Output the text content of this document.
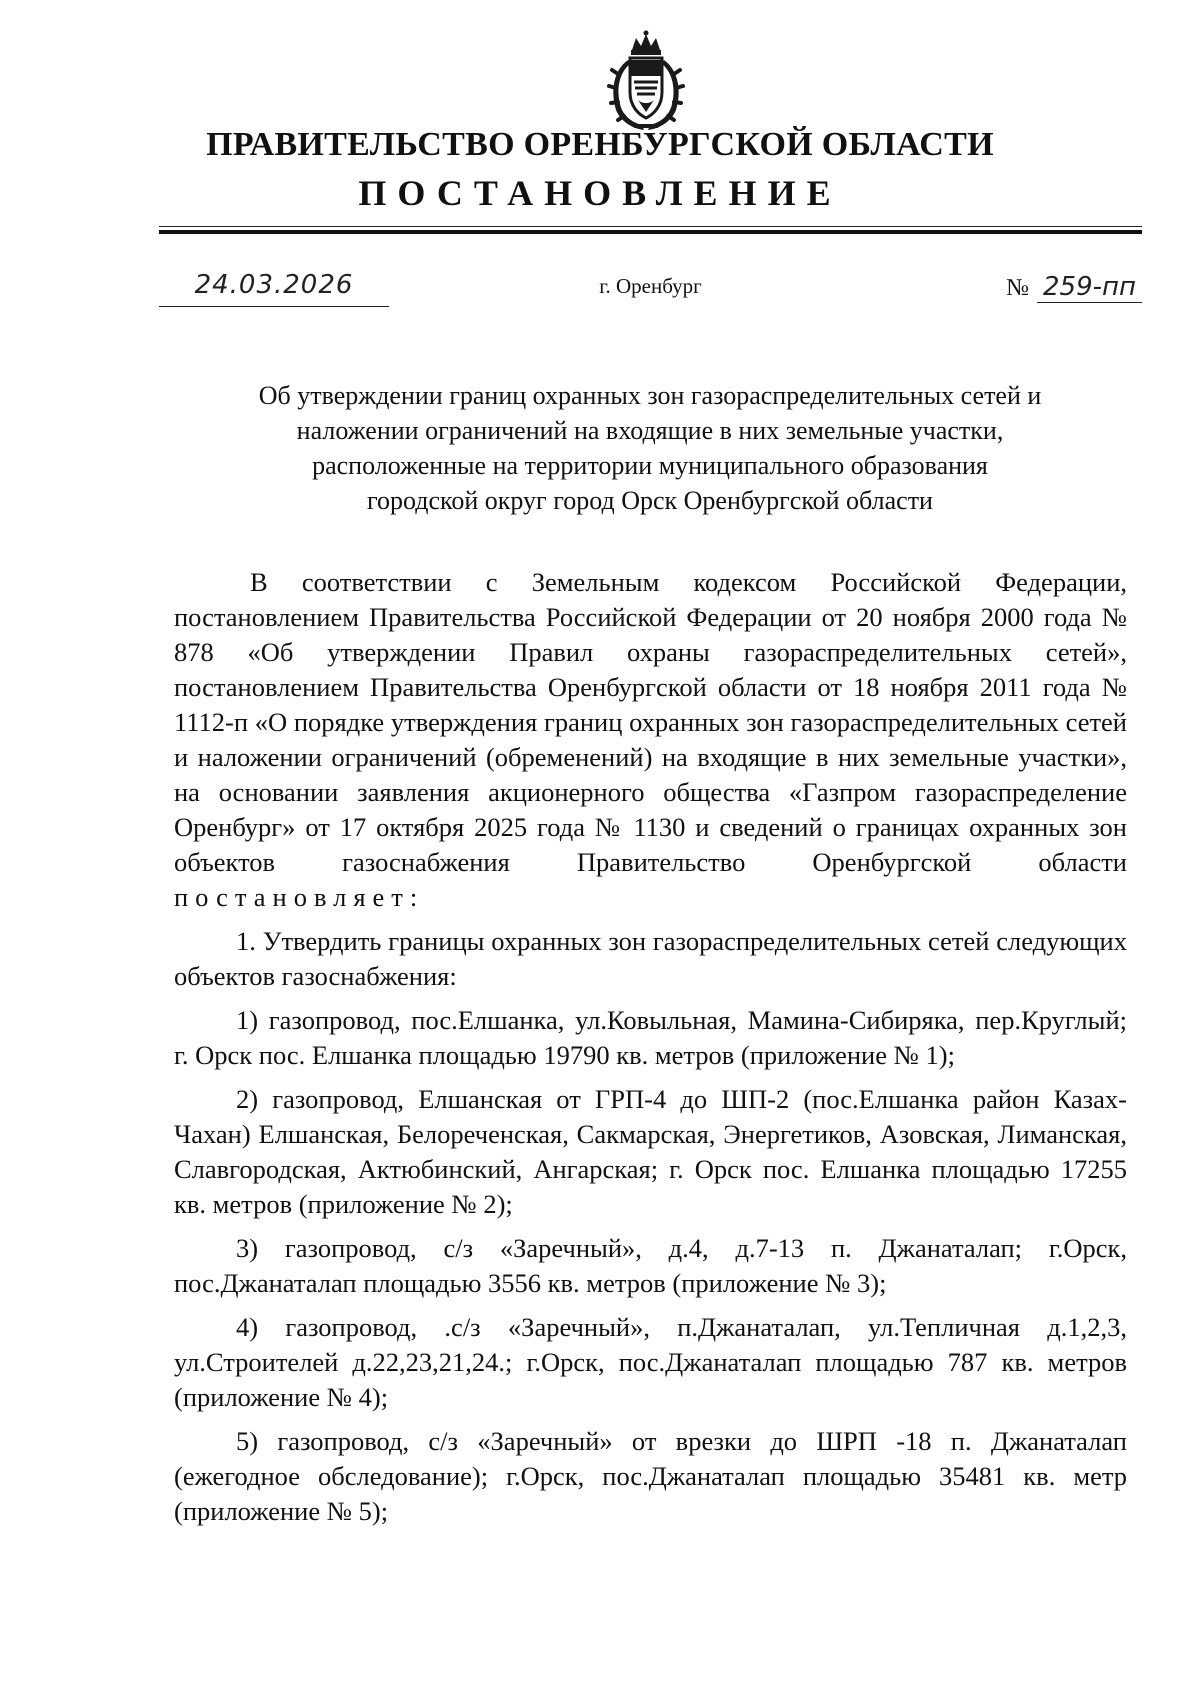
ПРАВИТЕЛЬСТВО ОРЕНБУРГСКОЙ ОБЛАСТИ
ПОСТАНОВЛЕНИЕ
24.03.2026	г. Оренбург	№ 259-пп

Об утверждении границ охранных зон газораспределительных сетей и

наложении ограничений на входящие в них земельные участки,

расположенные на территории муниципального образования

городской округ город Орск Оренбургской области

В соответствии с Земельным кодексом Российской Федерации, постановлением Правительства Российской Федерации от 20 ноября 2000 года № 878 «Об утверждении Правил охраны газораспределительных сетей», постановлением Правительства Оренбургской области от 18 ноября 2011 года № 1112-п «О порядке утверждения границ охранных зон газораспределительных сетей и наложении ограничений (обременений) на входящие в них земельные участки», на основании заявления акционерного общества «Газпром газораспределение Оренбург» от 17 октября 2025 года № 1130 и сведений о границах охранных зон объектов газоснабжения Правительство Оренбургской области постановляет:

1. Утвердить границы охранных зон газораспределительных сетей следующих объектов газоснабжения:

1) газопровод, пос.Елшанка, ул.Ковыльная, Мамина-Сибиряка, пер.Круглый; г. Орск пос. Елшанка площадью 19790 кв. метров (приложение № 1);

2) газопровод, Елшанская от ГРП-4 до ШП-2 (пос.Елшанка район Казах-Чахан) Елшанская, Белореченская, Сакмарская, Энергетиков, Азовская, Лиманская, Славгородская, Актюбинский, Ангарская; г. Орск пос. Елшанка площадью 17255 кв. метров (приложение № 2);

3) газопровод, с/з «Заречный», д.4, д.7-13 п. Джанаталап; г.Орск, пос.Джанаталап площадью 3556 кв. метров (приложение № 3);

4) газопровод, .с/з «Заречный», п.Джанаталап, ул.Тепличная д.1,2,3, ул.Строителей д.22,23,21,24.; г.Орск, пос.Джанаталап площадью 787 кв. метров (приложение № 4);

5) газопровод, с/з «Заречный» от врезки до ШРП -18 п. Джанаталап (ежегодное обследование); г.Орск, пос.Джанаталап площадью 35481 кв. метр (приложение № 5);
